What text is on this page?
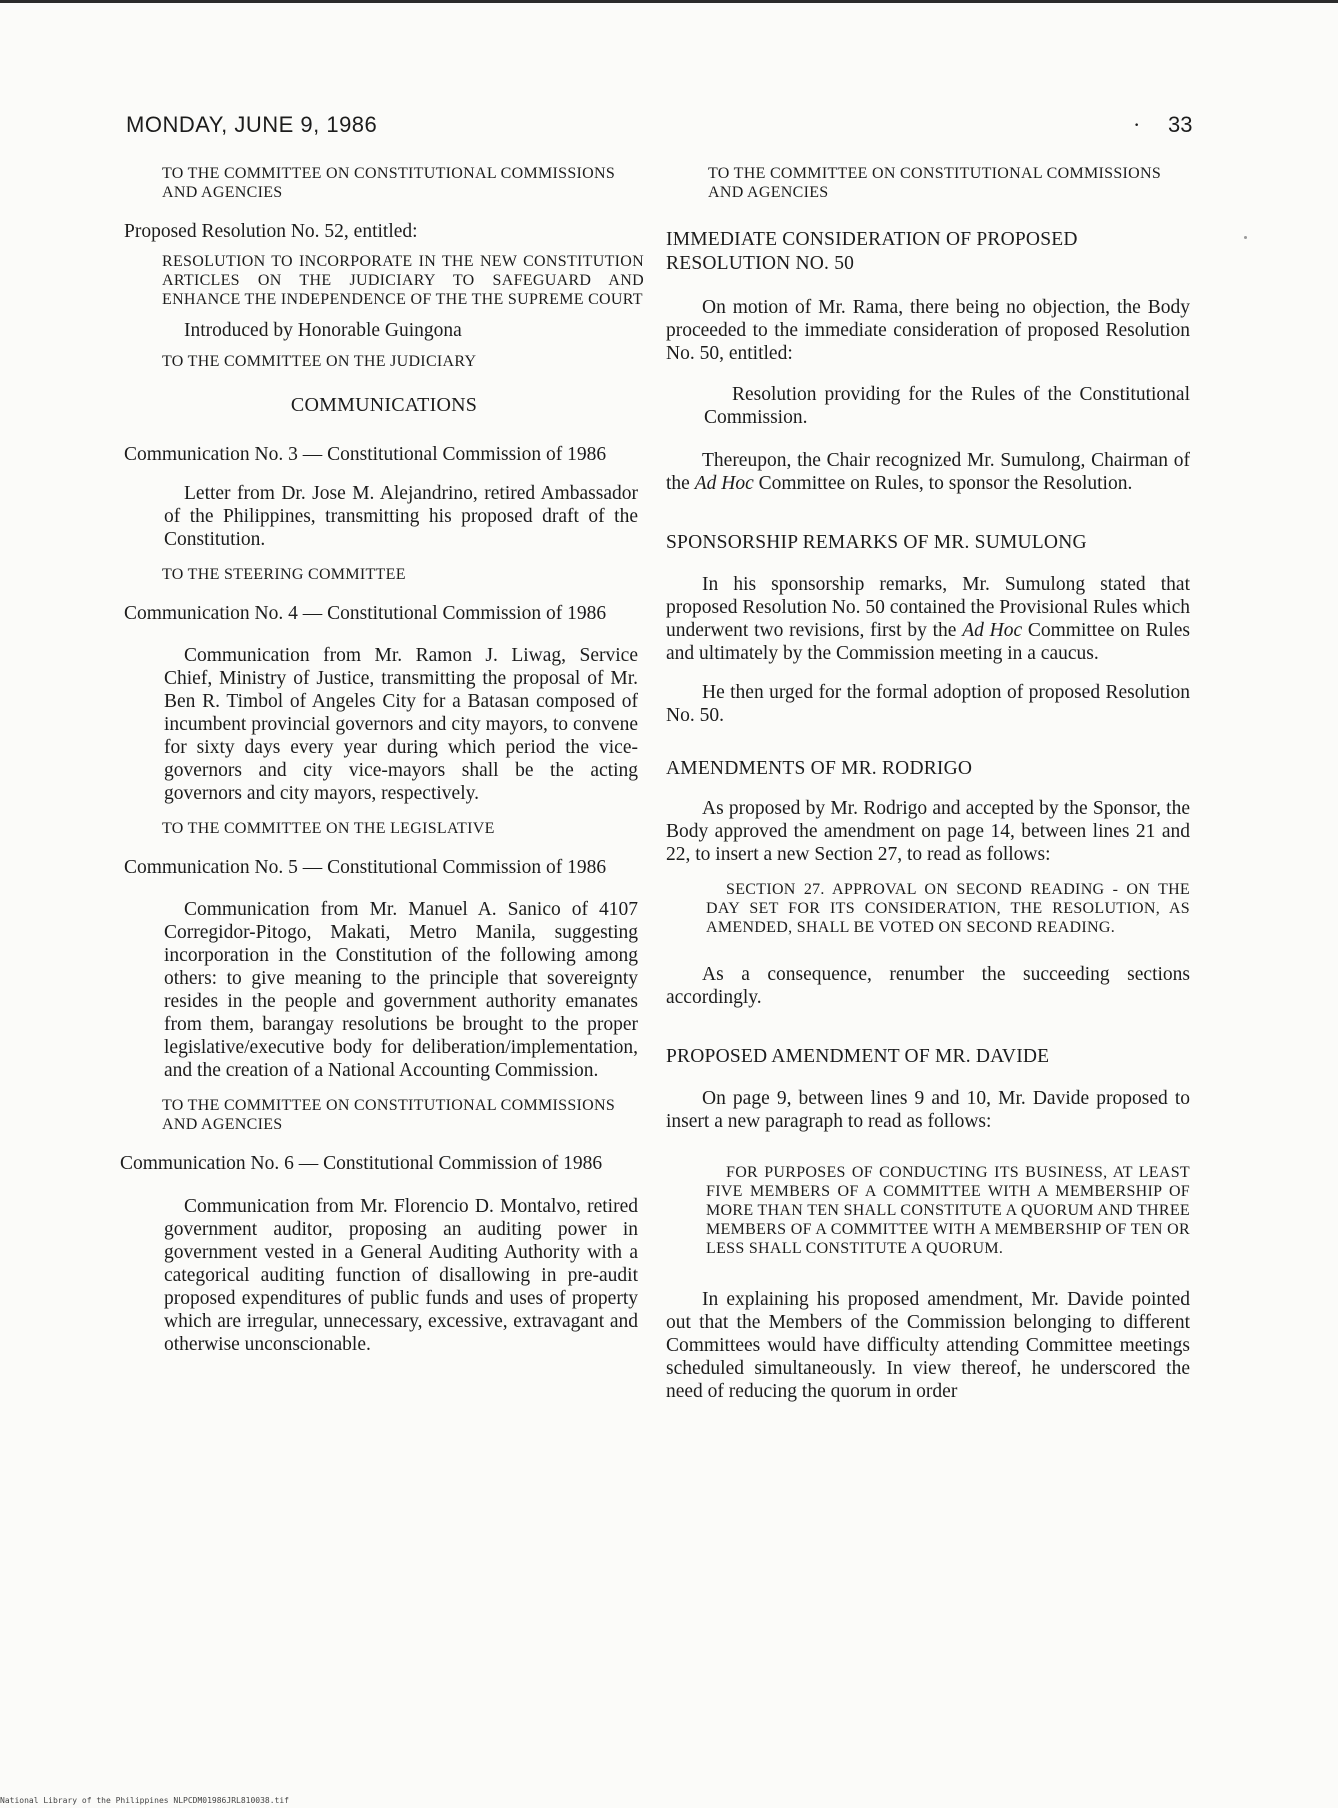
MONDAY, JUNE 9, 1986	· 33
TO THE COMMITTEE ON CONSTITUTIONAL COMMISSIONS AND AGENCIES
Proposed Resolution No. 52, entitled:
RESOLUTION TO INCORPORATE IN THE NEW CONSTITUTION ARTICLES ON THE JUDICIARY TO SAFEGUARD AND ENHANCE THE INDEPENDENCE OF THE THE SUPREME COURT
Introduced by Honorable Guingona
TO THE COMMITTEE ON THE JUDICIARY
COMMUNICATIONS
Communication No. 3 — Constitutional Commission of 1986
Letter from Dr. Jose M. Alejandrino, retired Ambassador of the Philippines, transmitting his proposed draft of the Constitution.
TO THE STEERING COMMITTEE
Communication No. 4 — Constitutional Commission of 1986
Communication from Mr. Ramon J. Liwag, Service Chief, Ministry of Justice, transmitting the proposal of Mr. Ben R. Timbol of Angeles City for a Batasan composed of incumbent provincial governors and city mayors, to convene for sixty days every year during which period the vice-governors and city vice-mayors shall be the acting governors and city mayors, respectively.
TO THE COMMITTEE ON THE LEGISLATIVE
Communication No. 5 — Constitutional Commission of 1986
Communication from Mr. Manuel A. Sanico of 4107 Corregidor-Pitogo, Makati, Metro Manila, suggesting incorporation in the Constitution of the following among others: to give meaning to the principle that sovereignty resides in the people and government authority emanates from them, barangay resolutions be brought to the proper legislative/executive body for deliberation/implementation, and the creation of a National Accounting Commission.
TO THE COMMITTEE ON CONSTITUTIONAL COMMISSIONS AND AGENCIES
Communication No. 6 — Constitutional Commission of 1986
Communication from Mr. Florencio D. Montalvo, retired government auditor, proposing an auditing power in government vested in a General Auditing Authority with a categorical auditing function of disallowing in pre-audit proposed expenditures of public funds and uses of property which are irregular, unnecessary, excessive, extravagant and otherwise unconscionable.
TO THE COMMITTEE ON CONSTITUTIONAL COMMISSIONS AND AGENCIES
IMMEDIATE CONSIDERATION OF PROPOSED RESOLUTION NO. 50
On motion of Mr. Rama, there being no objection, the Body proceeded to the immediate consideration of proposed Resolution No. 50, entitled:
Resolution providing for the Rules of the Constitutional Commission.
Thereupon, the Chair recognized Mr. Sumulong, Chairman of the Ad Hoc Committee on Rules, to sponsor the Resolution.
SPONSORSHIP REMARKS OF MR. SUMULONG
In his sponsorship remarks, Mr. Sumulong stated that proposed Resolution No. 50 contained the Provisional Rules which underwent two revisions, first by the Ad Hoc Committee on Rules and ultimately by the Commission meeting in a caucus.
He then urged for the formal adoption of proposed Resolution No. 50.
AMENDMENTS OF MR. RODRIGO
As proposed by Mr. Rodrigo and accepted by the Sponsor, the Body approved the amendment on page 14, between lines 21 and 22, to insert a new Section 27, to read as follows:
SECTION 27. APPROVAL ON SECOND READING - ON THE DAY SET FOR ITS CONSIDERATION, THE RESOLUTION, AS AMENDED, SHALL BE VOTED ON SECOND READING.
As a consequence, renumber the succeeding sections accordingly.
PROPOSED AMENDMENT OF MR. DAVIDE
On page 9, between lines 9 and 10, Mr. Davide proposed to insert a new paragraph to read as follows:
FOR PURPOSES OF CONDUCTING ITS BUSINESS, AT LEAST FIVE MEMBERS OF A COMMITTEE WITH A MEMBERSHIP OF MORE THAN TEN SHALL CONSTITUTE A QUORUM AND THREE MEMBERS OF A COMMITTEE WITH A MEMBERSHIP OF TEN OR LESS SHALL CONSTITUTE A QUORUM.
In explaining his proposed amendment, Mr. Davide pointed out that the Members of the Commission belonging to different Committees would have difficulty attending Committee meetings scheduled simultaneously. In view thereof, he underscored the need of reducing the quorum in order
National Library of the Philippines NLPCDM01986JRL810038.tif
